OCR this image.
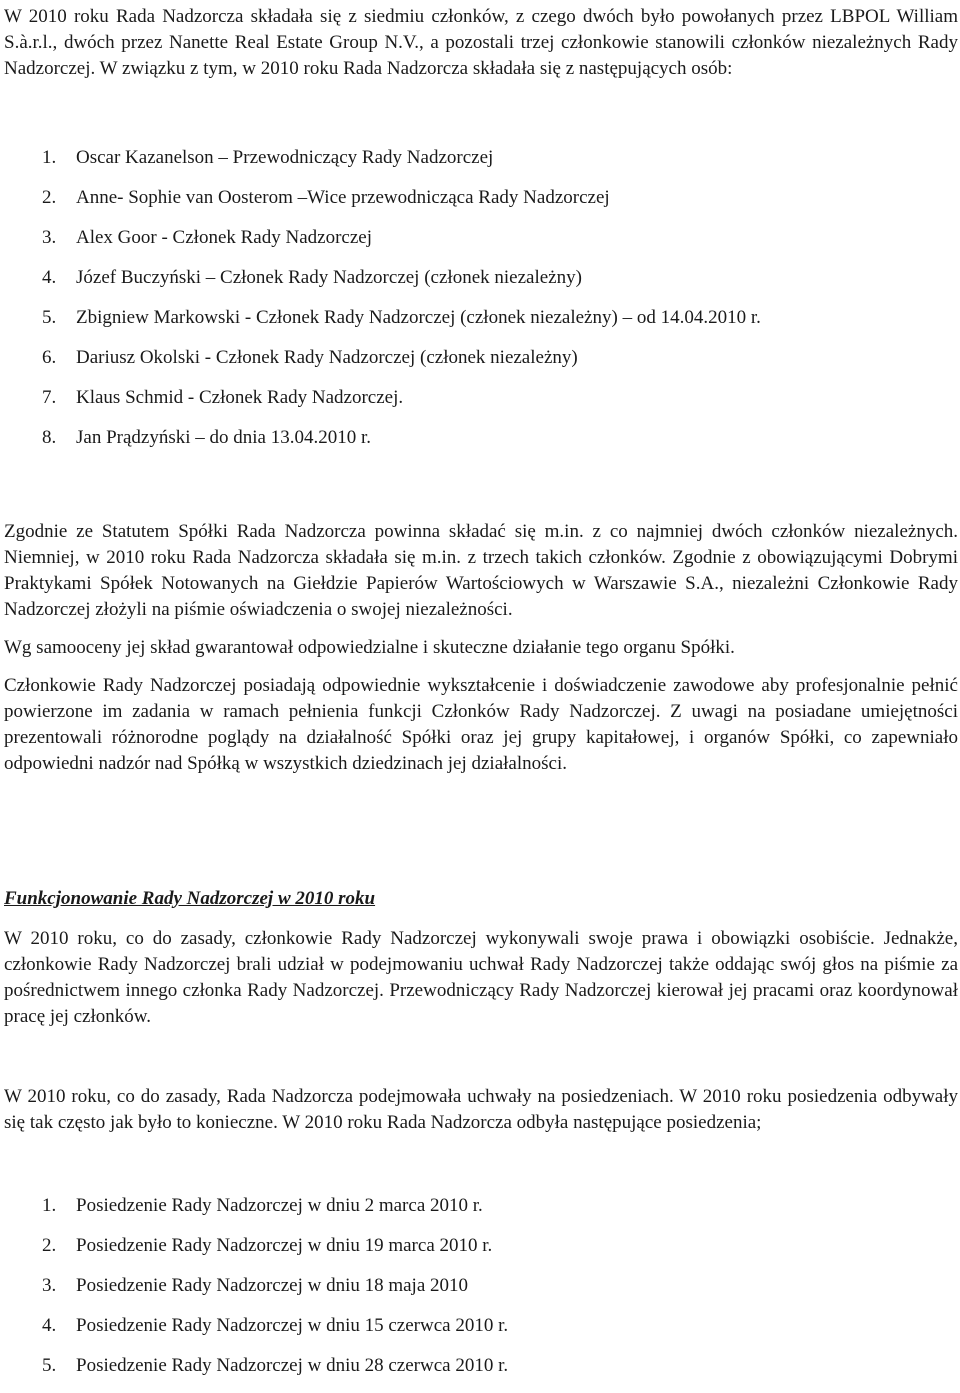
W 2010 roku Rada Nadzorcza składała się z siedmiu członków, z czego dwóch było powołanych przez LBPOL William S.à.r.l., dwóch przez Nanette Real Estate Group N.V., a pozostali trzej członkowie stanowili członków niezależnych Rady Nadzorczej. W związku z tym, w 2010 roku Rada Nadzorcza składała się z następujących osób:

1.	Oscar Kazanelson – Przewodniczący Rady Nadzorczej
2.	Anne- Sophie van Oosterom –Wice przewodnicząca Rady Nadzorczej
3.	Alex Goor - Członek Rady Nadzorczej
4.	Józef Buczyński – Członek Rady Nadzorczej (członek niezależny)
5.	Zbigniew Markowski - Członek Rady Nadzorczej (członek niezależny) – od 14.04.2010 r.
6.	Dariusz Okolski - Członek Rady Nadzorczej (członek niezależny)
7.	Klaus Schmid - Członek Rady Nadzorczej.
8.	Jan Prądzyński – do dnia 13.04.2010 r.

Zgodnie ze Statutem Spółki Rada Nadzorcza powinna składać się m.in. z co najmniej dwóch członków niezależnych. Niemniej, w 2010 roku Rada Nadzorcza składała się m.in. z trzech takich członków. Zgodnie z obowiązującymi Dobrymi Praktykami Spółek Notowanych na Giełdzie Papierów Wartościowych w Warszawie S.A., niezależni Członkowie Rady Nadzorczej złożyli na piśmie oświadczenia o swojej niezależności.

Wg samooceny jej skład gwarantował odpowiedzialne i skuteczne działanie tego organu Spółki.

Członkowie Rady Nadzorczej posiadają odpowiednie wykształcenie i doświadczenie zawodowe aby profesjonalnie pełnić powierzone im zadania w ramach pełnienia funkcji Członków Rady Nadzorczej. Z uwagi na posiadane umiejętności prezentowali różnorodne poglądy na działalność Spółki oraz jej grupy kapitałowej, i organów Spółki, co zapewniało odpowiedni nadzór nad Spółką w wszystkich dziedzinach jej działalności.

Funkcjonowanie Rady Nadzorczej w 2010 roku

W 2010 roku, co do zasady, członkowie Rady Nadzorczej wykonywali swoje prawa i obowiązki osobiście. Jednakże, członkowie Rady Nadzorczej brali udział w podejmowaniu uchwał Rady Nadzorczej także oddając swój głos na piśmie za pośrednictwem innego członka Rady Nadzorczej. Przewodniczący Rady Nadzorczej kierował jej pracami oraz koordynował pracę jej członków.

W 2010 roku, co do zasady, Rada Nadzorcza podejmowała uchwały na posiedzeniach. W 2010 roku posiedzenia odbywały się tak często jak było to konieczne. W 2010 roku Rada Nadzorcza odbyła następujące posiedzenia;

1.	Posiedzenie Rady Nadzorczej w dniu 2 marca 2010 r.
2.	Posiedzenie Rady Nadzorczej w dniu 19 marca 2010 r.
3.	Posiedzenie Rady Nadzorczej w dniu 18 maja 2010
4.	Posiedzenie Rady Nadzorczej w dniu 15 czerwca 2010 r.
5.	Posiedzenie Rady Nadzorczej w dniu 28 czerwca 2010 r.
